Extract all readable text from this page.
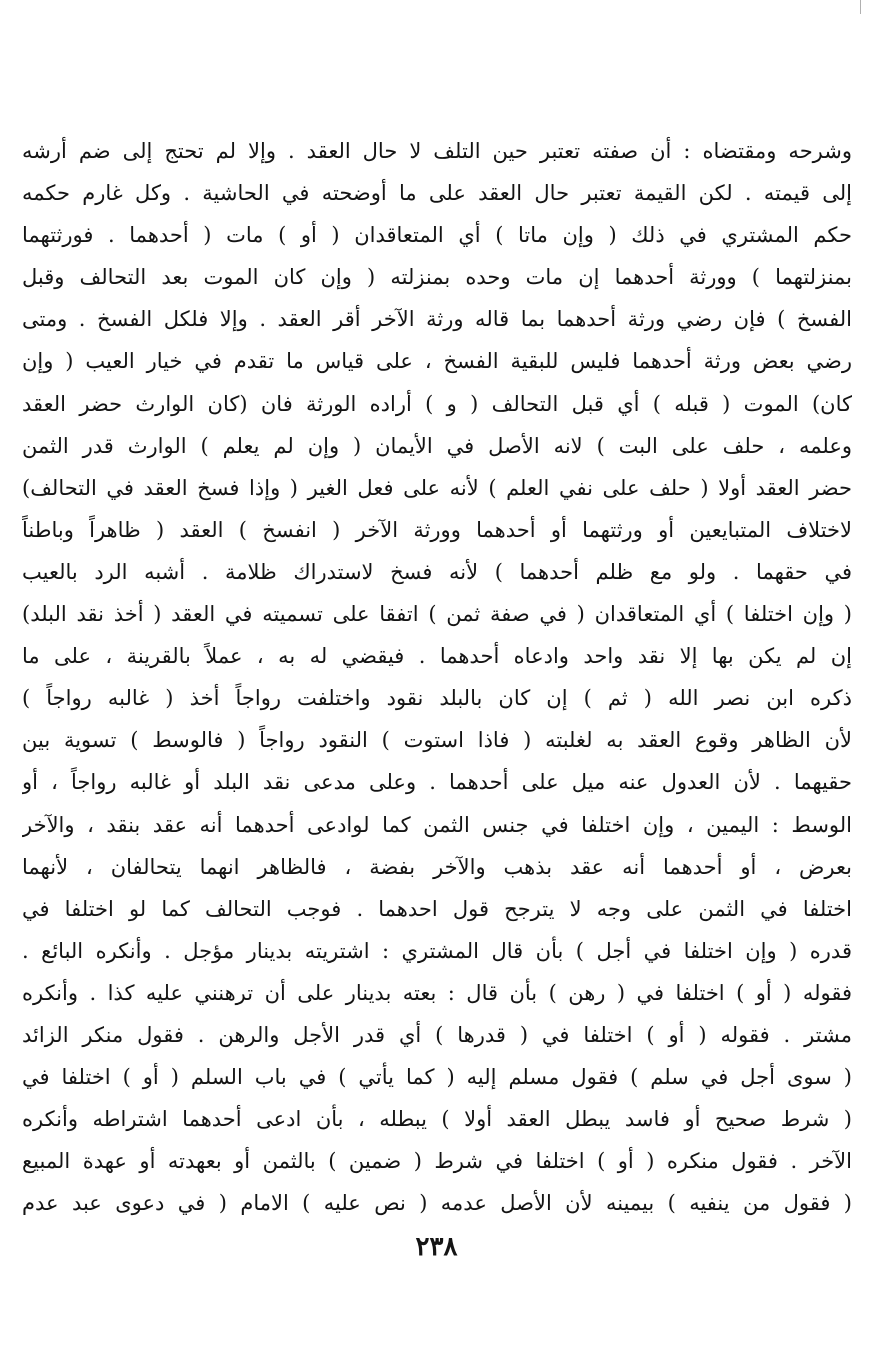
وشرحه ومقتضاه : أن صفته تعتبر حين التلف لا حال العقد . وإلا لم تحتج إلى ضم أرشه
إلى قيمته . لكن القيمة تعتبر حال العقد على ما أوضحته في الحاشية . وكل غارم حكمه
حكم المشتري في ذلك ( وإن ماتا ) أي المتعاقدان ( أو ) مات ( أحدهما . فورثتهما
بمنزلتهما ) وورثة أحدهما إن مات وحده بمنزلته ( وإن كان الموت بعد التحالف وقبل
الفسخ ) فإن رضي ورثة أحدهما بما قاله ورثة الآخر أقر العقد . وإلا فلكل الفسخ . ومتى
رضي بعض ورثة أحدهما فليس للبقية الفسخ ، على قياس ما تقدم في خيار العيب ( وإن
كان) الموت ( قبله ) أي قبل التحالف ( و ) أراده الورثة فان (كان الوارث حضر العقد
وعلمه ، حلف على البت ) لانه الأصل في الأيمان ( وإن لم يعلم ) الوارث قدر الثمن
حضر العقد أولا ( حلف على نفي العلم ) لأنه على فعل الغير ( وإذا فسخ العقد في التحالف)
لاختلاف المتبايعين أو ورثتهما أو أحدهما وورثة الآخر ( انفسخ ) العقد ( ظاهراً وباطناً
في حقهما . ولو مع ظلم أحدهما ) لأنه فسخ لاستدراك ظلامة . أشبه الرد بالعيب
( وإن اختلفا ) أي المتعاقدان ( في صفة ثمن ) اتفقا على تسميته في العقد ( أخذ نقد البلد)
إن لم يكن بها إلا نقد واحد وادعاه أحدهما . فيقضي له به ، عملاً بالقرينة ، على ما
ذكره ابن نصر الله ( ثم ) إن كان بالبلد نقود واختلفت رواجاً أخذ ( غالبه رواجاً )
لأن الظاهر وقوع العقد به لغلبته ( فاذا استوت ) النقود رواجاً ( فالوسط ) تسوية بين
حقيهما . لأن العدول عنه ميل على أحدهما . وعلى مدعى نقد البلد أو غالبه رواجاً ، أو
الوسط : اليمين ، وإن اختلفا في جنس الثمن كما لوادعى أحدهما أنه عقد بنقد ، والآخر
بعرض ، أو أحدهما أنه عقد بذهب والآخر بفضة ، فالظاهر انهما يتحالفان ، لأنهما
اختلفا في الثمن على وجه لا يترجح قول احدهما . فوجب التحالف كما لو اختلفا في
قدره ( وإن اختلفا في أجل ) بأن قال المشتري : اشتريته بدينار مؤجل . وأنكره البائع .
فقوله ( أو ) اختلفا في ( رهن ) بأن قال : بعته بدينار على أن ترهنني عليه كذا . وأنكره
مشتر . فقوله ( أو ) اختلفا في ( قدرها ) أي قدر الأجل والرهن . فقول منكر الزائد
( سوى أجل في سلم ) فقول مسلم إليه ( كما يأتي ) في باب السلم ( أو ) اختلفا في
( شرط صحيح أو فاسد يبطل العقد أولا ) يبطله ، بأن ادعى أحدهما اشتراطه وأنكره
الآخر . فقول منكره ( أو ) اختلفا في شرط ( ضمين ) بالثمن أو بعهدته أو عهدة المبيع
( فقول من ينفيه ) بيمينه لأن الأصل عدمه ( نص عليه ) الامام ( في دعوى عبد عدم
٢٣٨
